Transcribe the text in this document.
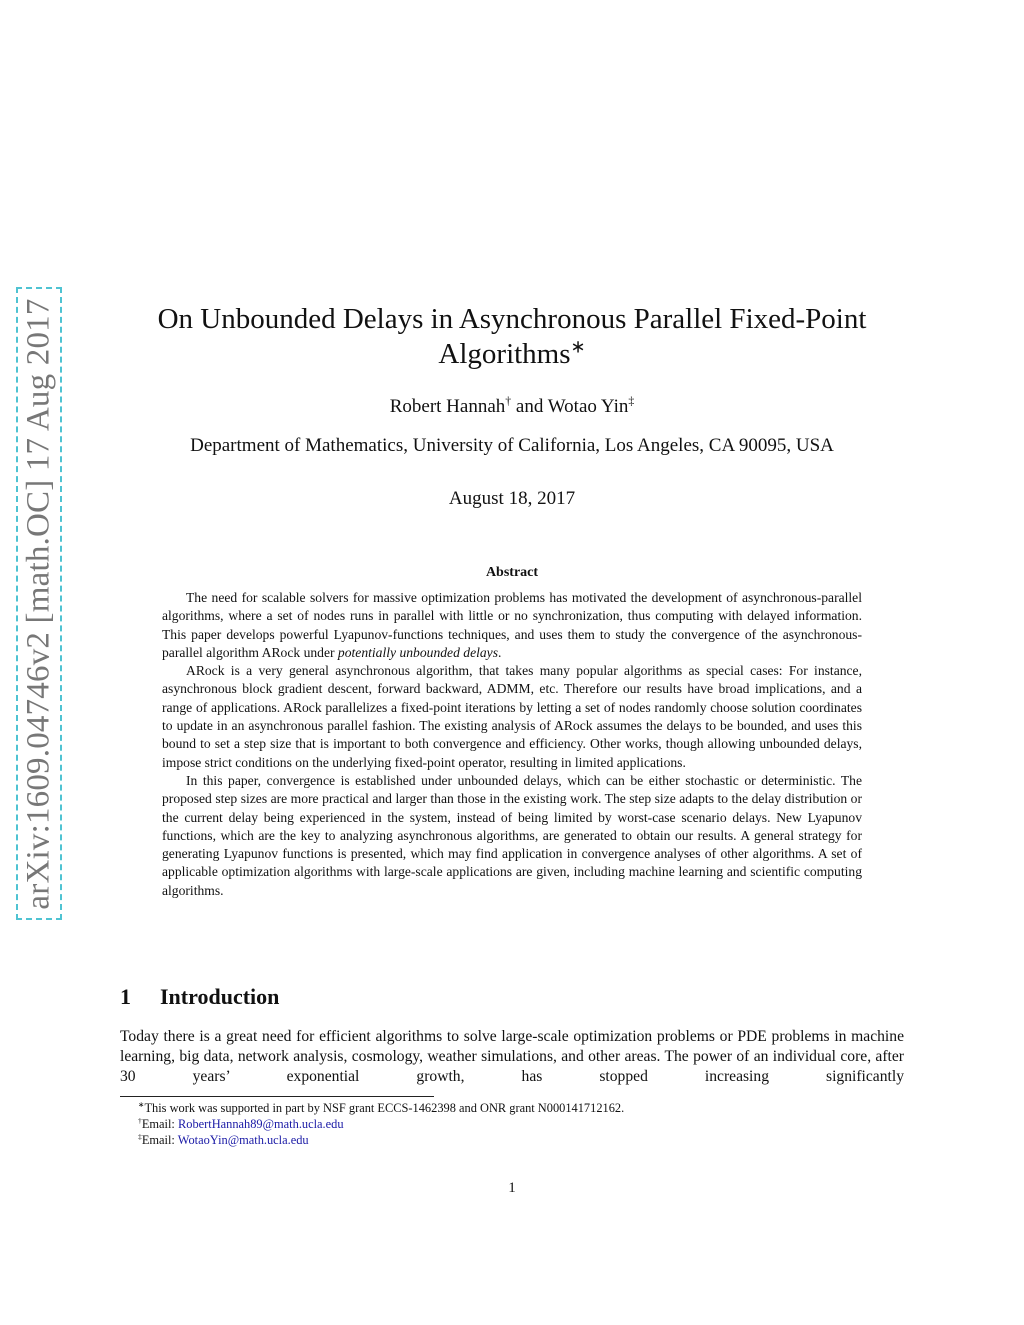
arXiv:1609.04746v2 [math.OC] 17 Aug 2017	On Unbounded Delays in Asynchronous Parallel Fixed-Point
Algorithms∗
Robert Hannah† and Wotao Yin‡
Department of Mathematics, University of California, Los Angeles, CA 90095, USA
August 18, 2017
Abstract

The need for scalable solvers for massive optimization problems has motivated the development of asynchronous-parallel algorithms, where a set of nodes runs in parallel with little or no synchronization, thus computing with delayed information. This paper develops powerful Lyapunov-functions techniques, and uses them to study the convergence of the asynchronous-parallel algorithm ARock under potentially unbounded delays.

ARock is a very general asynchronous algorithm, that takes many popular algorithms as special cases: For instance, asynchronous block gradient descent, forward backward, ADMM, etc. Therefore our results have broad implications, and a range of applications. ARock parallelizes a fixed-point iterations by letting a set of nodes randomly choose solution coordinates to update in an asynchronous parallel fashion. The existing analysis of ARock assumes the delays to be bounded, and uses this bound to set a step size that is important to both convergence and efficiency. Other works, though allowing unbounded delays, impose strict conditions on the underlying fixed-point operator, resulting in limited applications.

In this paper, convergence is established under unbounded delays, which can be either stochastic or deterministic. The proposed step sizes are more practical and larger than those in the existing work. The step size adapts to the delay distribution or the current delay being experienced in the system, instead of being limited by worst-case scenario delays. New Lyapunov functions, which are the key to analyzing asynchronous algorithms, are generated to obtain our results. A general strategy for generating Lyapunov functions is presented, which may find application in convergence analyses of other algorithms. A set of applicable optimization algorithms with large-scale applications are given, including machine learning and scientific computing algorithms.

1 Introduction

Today there is a great need for efficient algorithms to solve large-scale optimization problems or PDE problems in machine learning, big data, network analysis, cosmology, weather simulations, and other areas. The power of an individual core, after 30 years’ exponential growth, has stopped increasing significantly

∗This work was supported in part by NSF grant ECCS-1462398 and ONR grant N000141712162.
†Email: RobertHannah89@math.ucla.edu
‡Email: WotaoYin@math.ucla.edu
1
